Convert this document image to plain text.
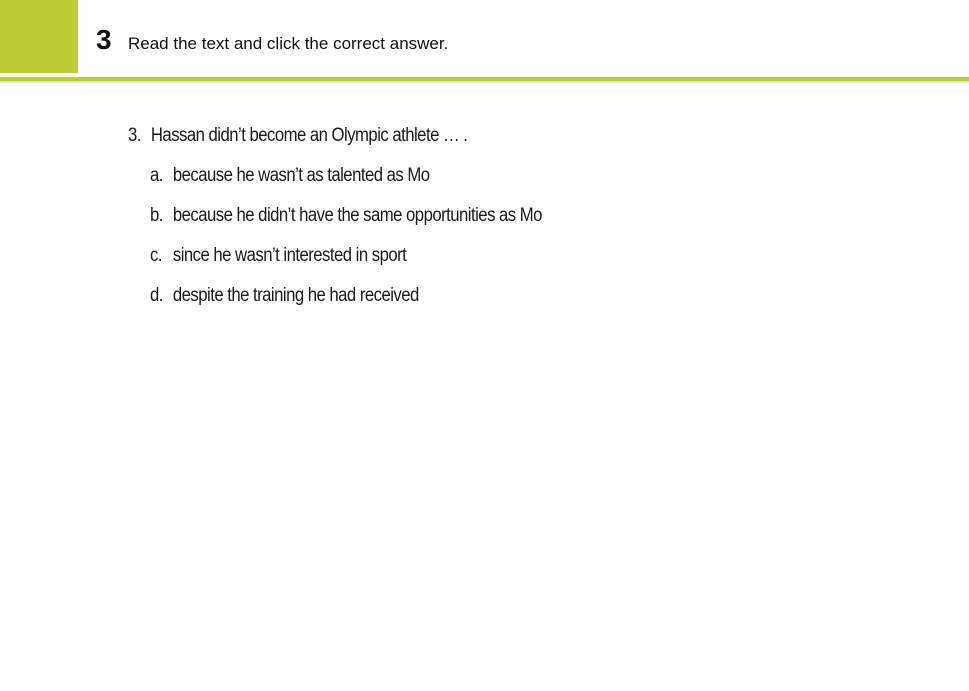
3 Read the text and click the correct answer.
3. Hassan didn’t become an Olympic athlete … .
a. because he wasn’t as talented as Mo
b. because he didn’t have the same opportunities as Mo
c. since he wasn’t interested in sport
d. despite the training he had received
